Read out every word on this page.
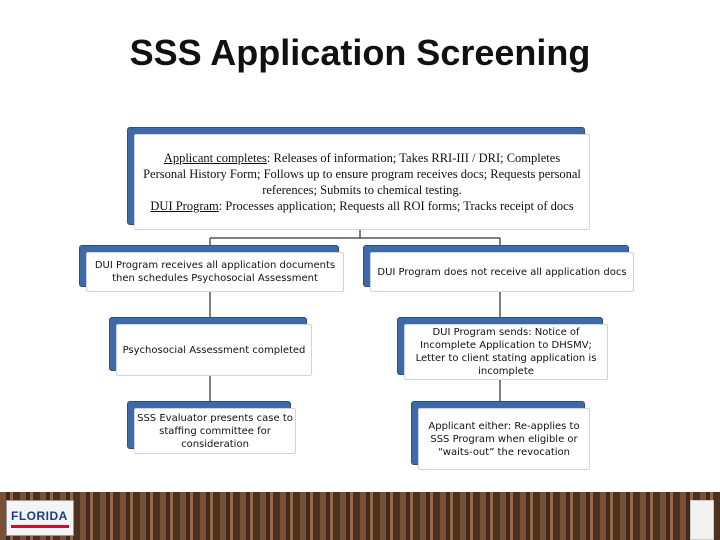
SSS Application Screening

Applicant completes: Releases of information; Takes RRI-III / DRI; Completes Personal History Form; Follows up to ensure program receives docs; Requests personal references; Submits to chemical testing.

DUI Program: Processes application; Requests all ROI forms; Tracks receipt of docs

DUI Program receives all application documents then schedules Psychosocial Assessment
Psychosocial Assessment completed
SSS Evaluator presents case to staffing committee for consideration
DUI Program does not receive all application docs
DUI Program sends: Notice of Incomplete Application to DHSMV; Letter to client stating application is incomplete
Applicant either: Re-applies to SSS Program when eligible or “waits-out” the revocation
FLORIDA
